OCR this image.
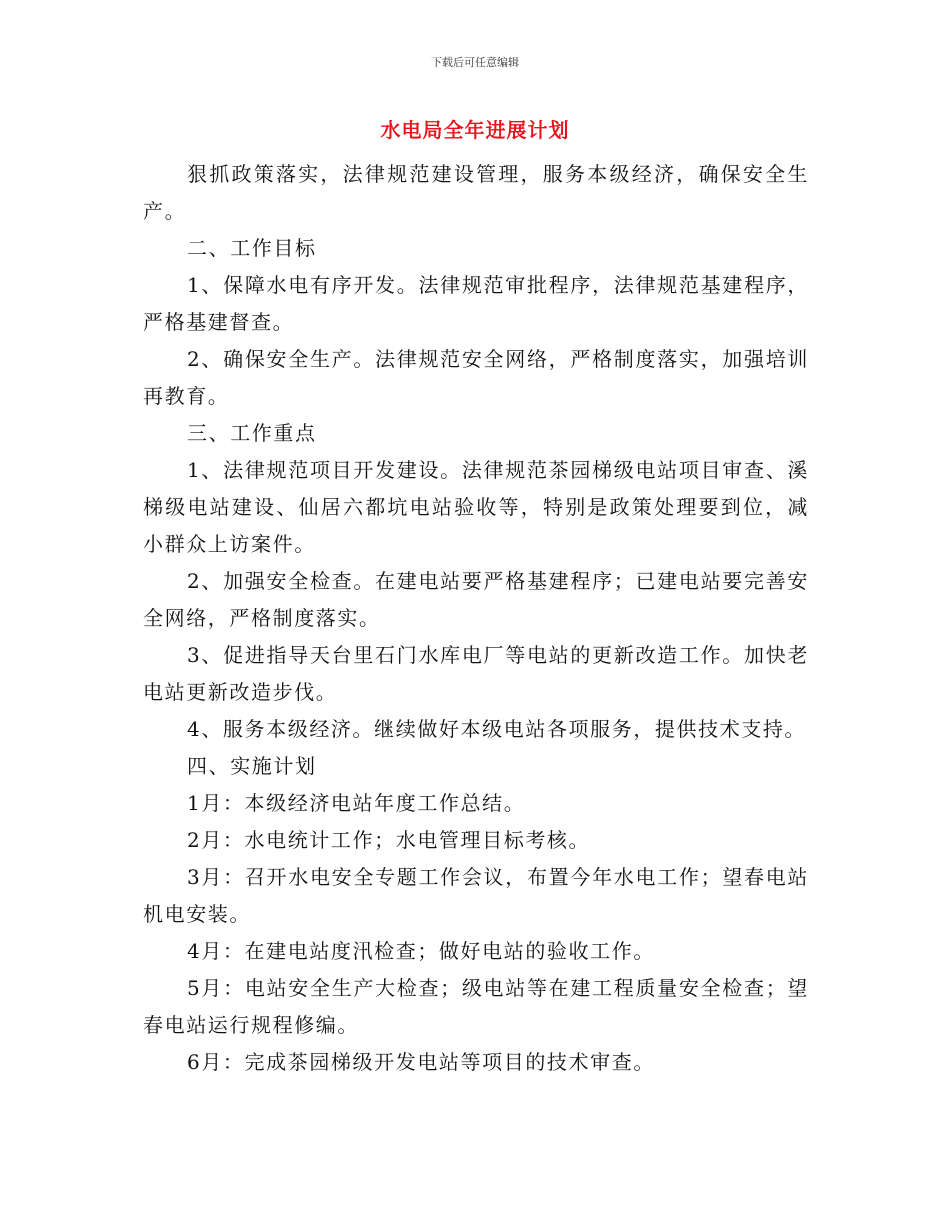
下载后可任意编辑
水电局全年进展计划

狠抓政策落实，法律规范建设管理，服务本级经济，确保安全生产。

二、工作目标

1、保障水电有序开发。法律规范审批程序，法律规范基建程序，严格基建督查。

2、确保安全生产。法律规范安全网络，严格制度落实，加强培训再教育。

三、工作重点

1、法律规范项目开发建设。法律规范茶园梯级电站项目审查、溪梯级电站建设、仙居六都坑电站验收等，特别是政策处理要到位，减小群众上访案件。

2、加强安全检查。在建电站要严格基建程序；已建电站要完善安全网络，严格制度落实。

3、促进指导天台里石门水库电厂等电站的更新改造工作。加快老电站更新改造步伐。

4、服务本级经济。继续做好本级电站各项服务，提供技术支持。

四、实施计划

1月：本级经济电站年度工作总结。

2月：水电统计工作；水电管理目标考核。

3月：召开水电安全专题工作会议，布置今年水电工作；望春电站机电安装。

4月：在建电站度汛检查；做好电站的验收工作。

5月：电站安全生产大检查；级电站等在建工程质量安全检查；望春电站运行规程修编。

6月：完成茶园梯级开发电站等项目的技术审查。
